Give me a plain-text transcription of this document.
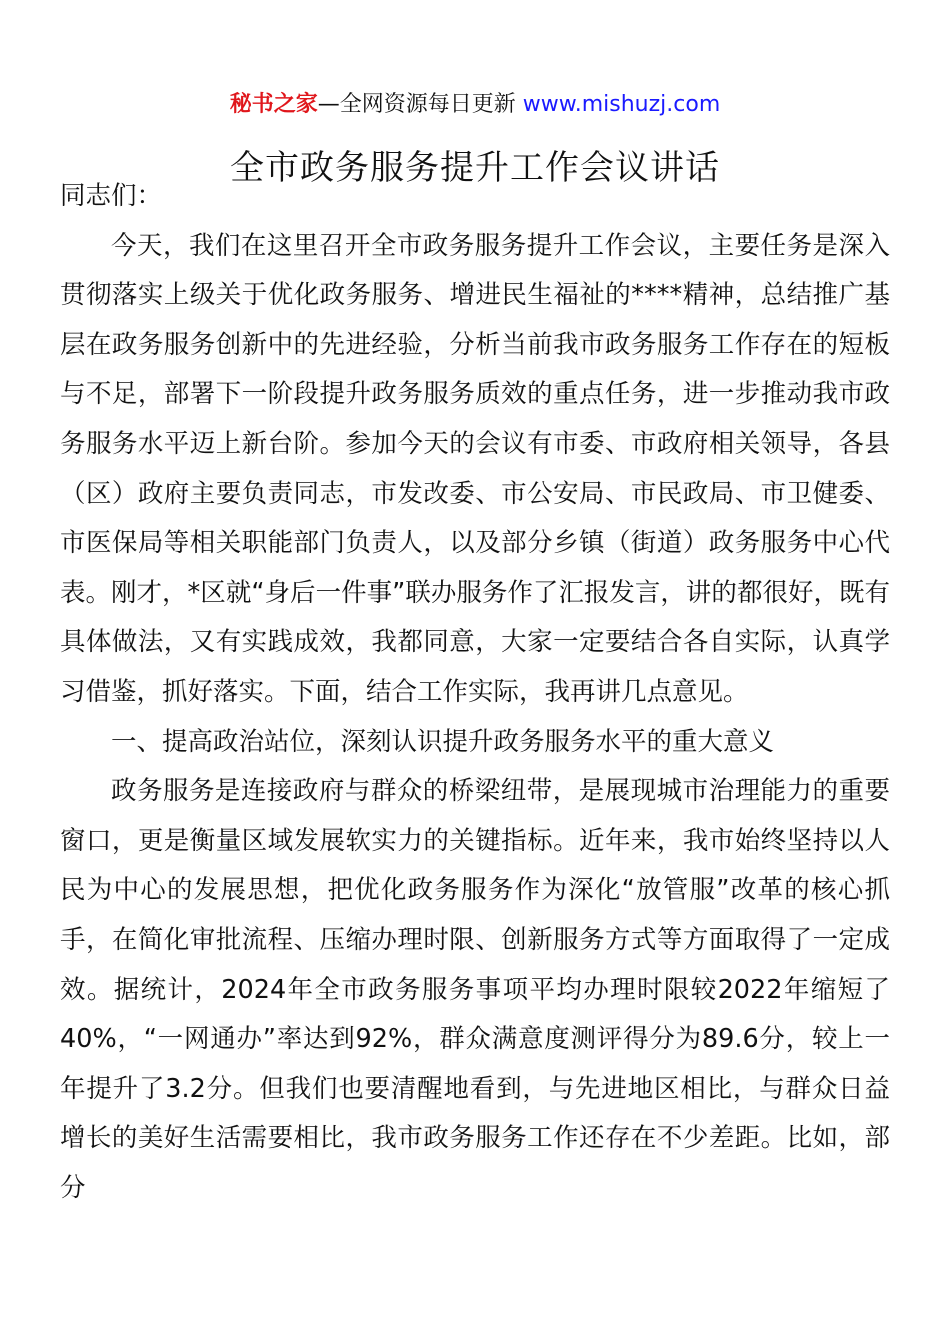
秘书之家—全网资源每日更新 www.mishuzj.com
全市政务服务提升工作会议讲话

同志们：

今天，我们在这里召开全市政务服务提升工作会议，主要任务是深入贯彻落实上级关于优化政务服务、增进民生福祉的****精神，总结推广基层在政务服务创新中的先进经验，分析当前我市政务服务工作存在的短板与不足，部署下一阶段提升政务服务质效的重点任务，进一步推动我市政务服务水平迈上新台阶。参加今天的会议有市委、市政府相关领导，各县（区）政府主要负责同志，市发改委、市公安局、市民政局、市卫健委、市医保局等相关职能部门负责人，以及部分乡镇（街道）政务服务中心代表。刚才，*区就“身后一件事”联办服务作了汇报发言，讲的都很好，既有具体做法，又有实践成效，我都同意，大家一定要结合各自实际，认真学习借鉴，抓好落实。下面，结合工作实际，我再讲几点意见。

一、提高政治站位，深刻认识提升政务服务水平的重大意义

政务服务是连接政府与群众的桥梁纽带，是展现城市治理能力的重要窗口，更是衡量区域发展软实力的关键指标。近年来，我市始终坚持以人民为中心的发展思想，把优化政务服务作为深化“放管服”改革的核心抓手，在简化审批流程、压缩办理时限、创新服务方式等方面取得了一定成效。据统计，2024年全市政务服务事项平均办理时限较2022年缩短了40%，“一网通办”率达到92%，群众满意度测评得分为89.6分，较上一年提升了3.2分。但我们也要清醒地看到，与先进地区相比，与群众日益增长的美好生活需要相比，我市政务服务工作还存在不少差距。比如，部分
